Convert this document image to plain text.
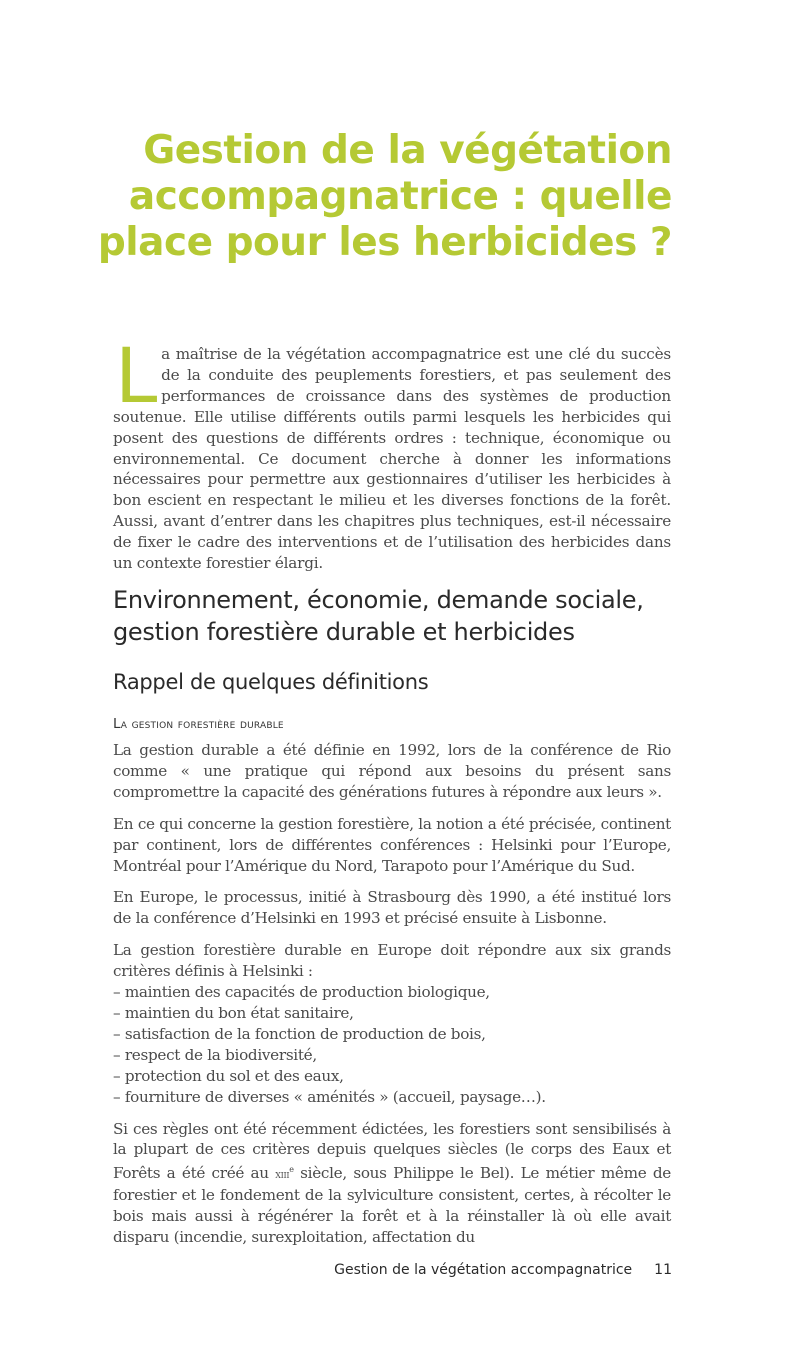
Gestion de la végétation accompagnatrice : quelle place pour les herbicides ?
La maîtrise de la végétation accompagnatrice est une clé du succès de la conduite des peuplements forestiers, et pas seulement des performances de croissance dans des systèmes de production soutenue. Elle utilise différents outils parmi lesquels les herbicides qui posent des questions de différents ordres : technique, économique ou environnemental. Ce document cherche à donner les informations nécessaires pour permettre aux gestionnaires d’utiliser les herbicides à bon escient en respectant le milieu et les diverses fonctions de la forêt. Aussi, avant d’entrer dans les chapitres plus techniques, est-il nécessaire de fixer le cadre des interventions et de l’utilisation des herbicides dans un contexte forestier élargi.
Environnement, économie, demande sociale, gestion forestière durable et herbicides
Rappel de quelques définitions
La gestion forestière durable

La gestion durable a été définie en 1992, lors de la conférence de Rio comme « une pratique qui répond aux besoins du présent sans compromettre la capacité des générations futures à répondre aux leurs ».

En ce qui concerne la gestion forestière, la notion a été précisée, continent par continent, lors de différentes conférences : Helsinki pour l’Europe, Montréal pour l’Amérique du Nord, Tarapoto pour l’Amérique du Sud.

En Europe, le processus, initié à Strasbourg dès 1990, a été institué lors de la conférence d’Helsinki en 1993 et précisé ensuite à Lisbonne.

La gestion forestière durable en Europe doit répondre aux six grands critères définis à Helsinki :
– maintien des capacités de production biologique,
– maintien du bon état sanitaire,
– satisfaction de la fonction de production de bois,
– respect de la biodiversité,
– protection du sol et des eaux,
– fourniture de diverses « aménités » (accueil, paysage…).

Si ces règles ont été récemment édictées, les forestiers sont sensibilisés à la plupart de ces critères depuis quelques siècles (le corps des Eaux et Forêts a été créé au xiii$^e$ siècle, sous Philippe le Bel). Le métier même de forestier et le fondement de la sylviculture consistent, certes, à récolter le bois mais aussi à régénérer la forêt et à la réinstaller là où elle avait disparu (incendie, surexploitation, affectation du

Gestion de la végétation accompagnatrice 11
